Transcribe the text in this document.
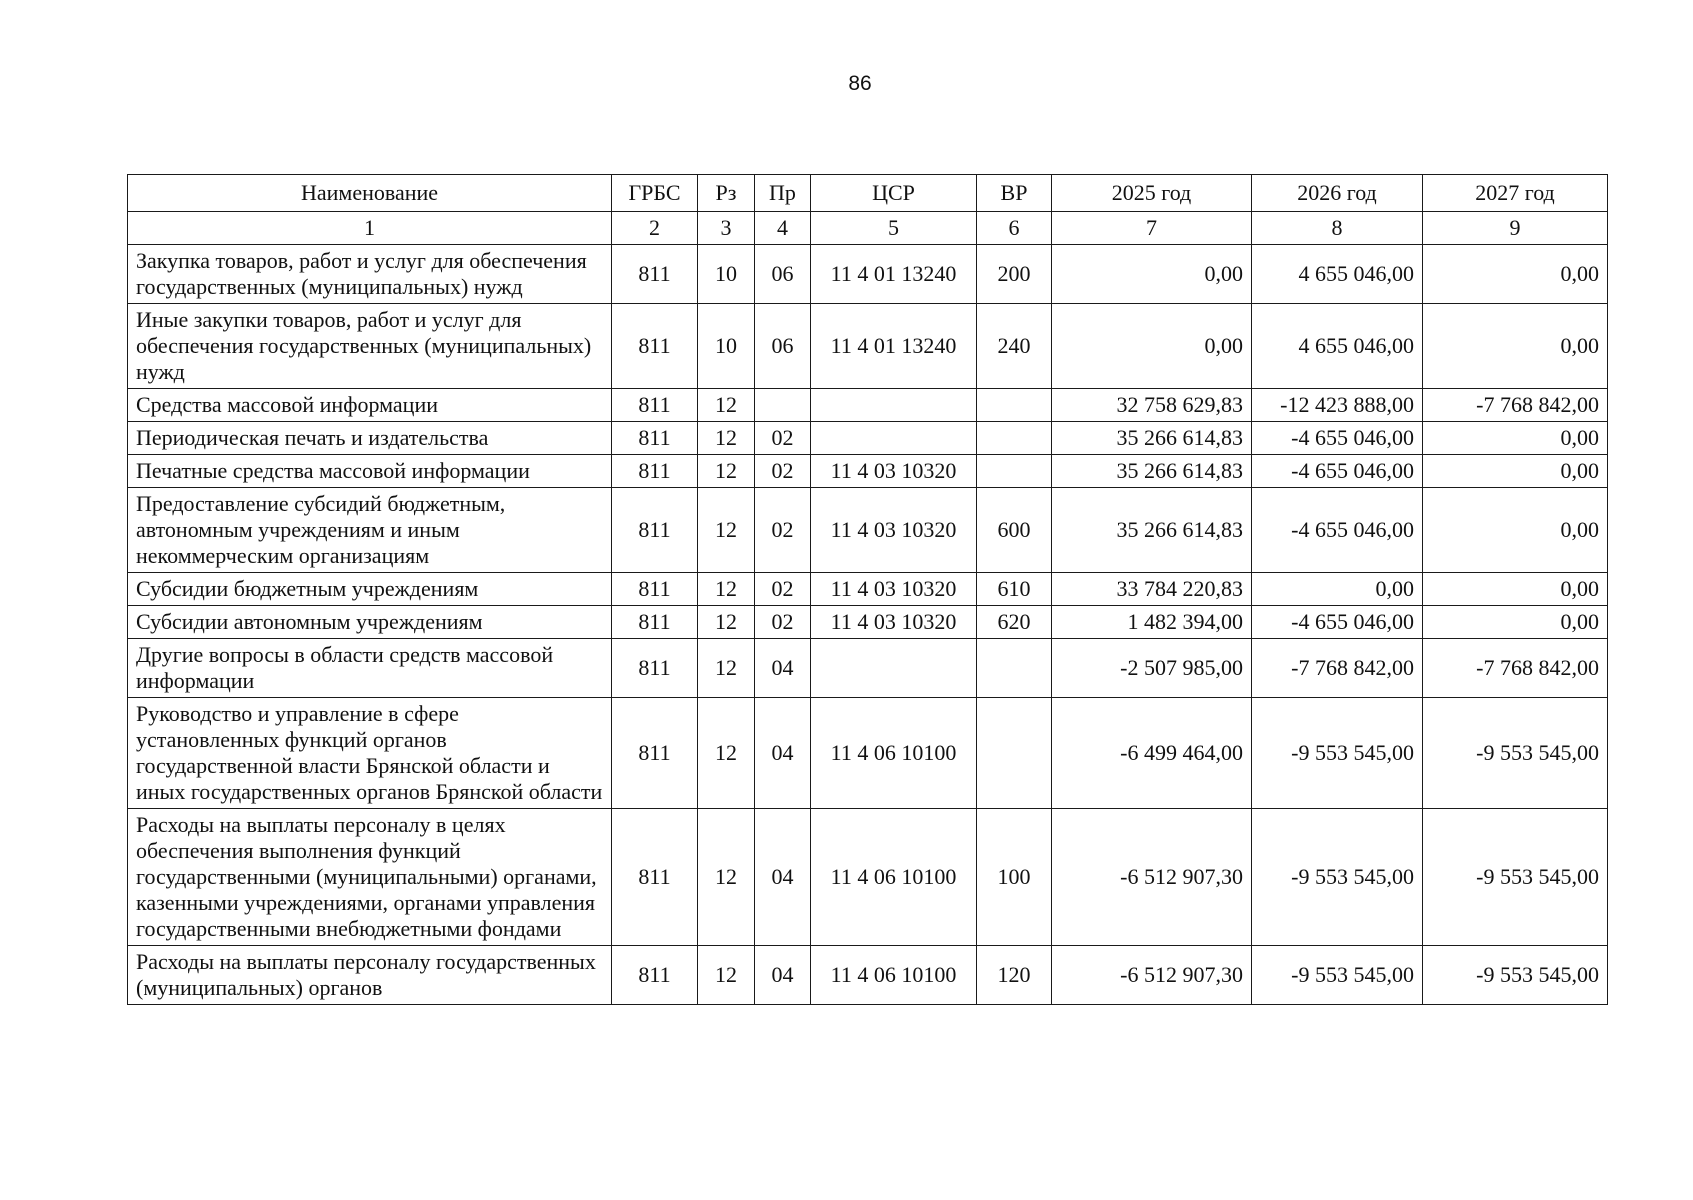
86
Наименование	ГРБС	Рз	Пр	ЦСР	ВР	2025 год	2026 год	2027 год
1	2	3	4	5	6	7	8	9
Закупка товаров, работ и услуг для обеспечения государственных (муниципальных) нужд	811	10	06	11 4 01 13240	200	0,00	4 655 046,00	0,00
Иные закупки товаров, работ и услуг для обеспечения государственных (муниципальных) нужд	811	10	06	11 4 01 13240	240	0,00	4 655 046,00	0,00
Средства массовой информации	811	12				32 758 629,83	-12 423 888,00	-7 768 842,00
Периодическая печать и издательства	811	12	02			35 266 614,83	-4 655 046,00	0,00
Печатные средства массовой информации	811	12	02	11 4 03 10320		35 266 614,83	-4 655 046,00	0,00
Предоставление субсидий бюджетным, автономным учреждениям и иным некоммерческим организациям	811	12	02	11 4 03 10320	600	35 266 614,83	-4 655 046,00	0,00
Субсидии бюджетным учреждениям	811	12	02	11 4 03 10320	610	33 784 220,83	0,00	0,00
Субсидии автономным учреждениям	811	12	02	11 4 03 10320	620	1 482 394,00	-4 655 046,00	0,00
Другие вопросы в области средств массовой информации	811	12	04			-2 507 985,00	-7 768 842,00	-7 768 842,00
Руководство и управление в сфере установленных функций органов государственной власти Брянской области и иных государственных органов Брянской области	811	12	04	11 4 06 10100		-6 499 464,00	-9 553 545,00	-9 553 545,00
Расходы на выплаты персоналу в целях обеспечения выполнения функций государственными (муниципальными) органами, казенными учреждениями, органами управления государственными внебюджетными фондами	811	12	04	11 4 06 10100	100	-6 512 907,30	-9 553 545,00	-9 553 545,00
Расходы на выплаты персоналу государственных (муниципальных) органов	811	12	04	11 4 06 10100	120	-6 512 907,30	-9 553 545,00	-9 553 545,00
